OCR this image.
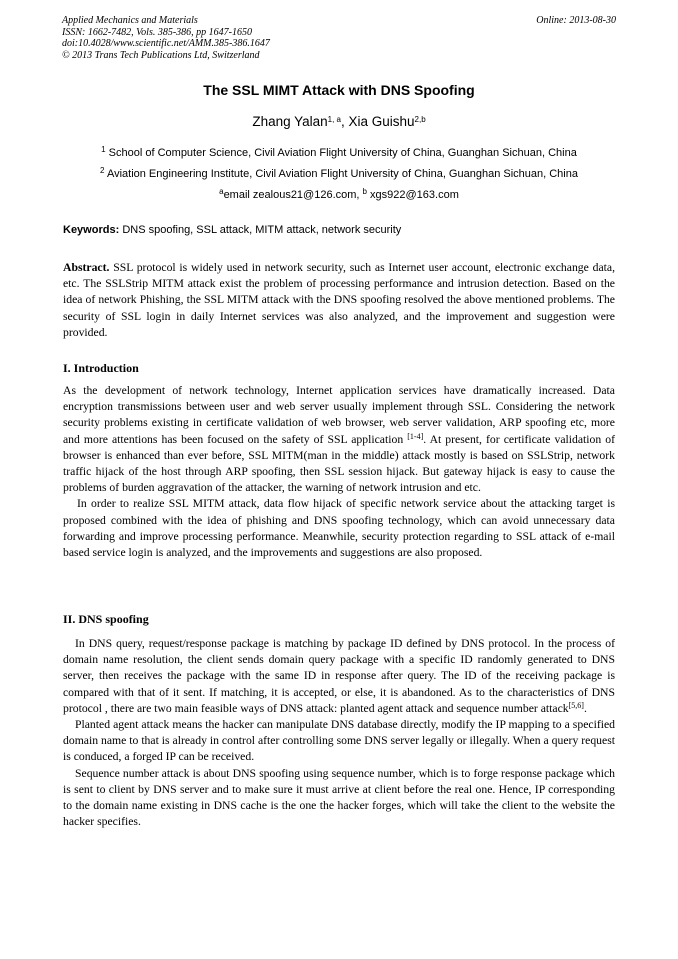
Applied Mechanics and Materials
ISSN: 1662-7482, Vols. 385-386, pp 1647-1650
doi:10.4028/www.scientific.net/AMM.385-386.1647
© 2013 Trans Tech Publications Ltd, Switzerland
Online: 2013-08-30
The SSL MIMT Attack with DNS Spoofing
Zhang Yalan$^{1, a}$, Xia Guishu$^{2,b}$
$^1$ School of Computer Science, Civil Aviation Flight University of China, Guanghan Sichuan, China
$^2$ Aviation Engineering Institute, Civil Aviation Flight University of China, Guanghan Sichuan, China
$^a$email zealous21@126.com, $^b$ xgs922@163.com
Keywords: DNS spoofing, SSL attack, MITM attack, network security

Abstract. SSL protocol is widely used in network security, such as Internet user account, electronic exchange data, etc. The SSLStrip MITM attack exist the problem of processing performance and intrusion detection. Based on the idea of network Phishing, the SSL MITM attack with the DNS spoofing resolved the above mentioned problems. The security of SSL login in daily Internet services was also analyzed, and the improvement and suggestion were provided.

I. Introduction

As the development of network technology, Internet application services have dramatically increased. Data encryption transmissions between user and web server usually implement through SSL. Considering the network security problems existing in certificate validation of web browser, web server validation, ARP spoofing etc, more and more attentions has been focused on the safety of SSL application [1-4]. At present, for certificate validation of browser is enhanced than ever before, SSL MITM(man in the middle) attack mostly is based on SSLStrip, network traffic hijack of the host through ARP spoofing, then SSL session hijack. But gateway hijack is easy to cause the problems of burden aggravation of the attacker, the warning of network intrusion and etc.

In order to realize SSL MITM attack, data flow hijack of specific network service about the attacking target is proposed combined with the idea of phishing and DNS spoofing technology, which can avoid unnecessary data forwarding and improve processing performance. Meanwhile, security protection regarding to SSL attack of e-mail based service login is analyzed, and the improvements and suggestions are also proposed.

II. DNS spoofing

In DNS query, request/response package is matching by package ID defined by DNS protocol. In the process of domain name resolution, the client sends domain query package with a specific ID randomly generated to DNS server, then receives the package with the same ID in response after query. The ID of the receiving package is compared with that of it sent. If matching, it is accepted, or else, it is abandoned. As to the characteristics of DNS protocol , there are two main feasible ways of DNS attack: planted agent attack and sequence number attack[5,6].

Planted agent attack means the hacker can manipulate DNS database directly, modify the IP mapping to a specified domain name to that is already in control after controlling some DNS server legally or illegally. When a query request is conduced, a forged IP can be received.

Sequence number attack is about DNS spoofing using sequence number, which is to forge response package which is sent to client by DNS server and to make sure it must arrive at client before the real one. Hence, IP corresponding to the domain name existing in DNS cache is the one the hacker forges, which will take the client to the website the hacker specifies.
